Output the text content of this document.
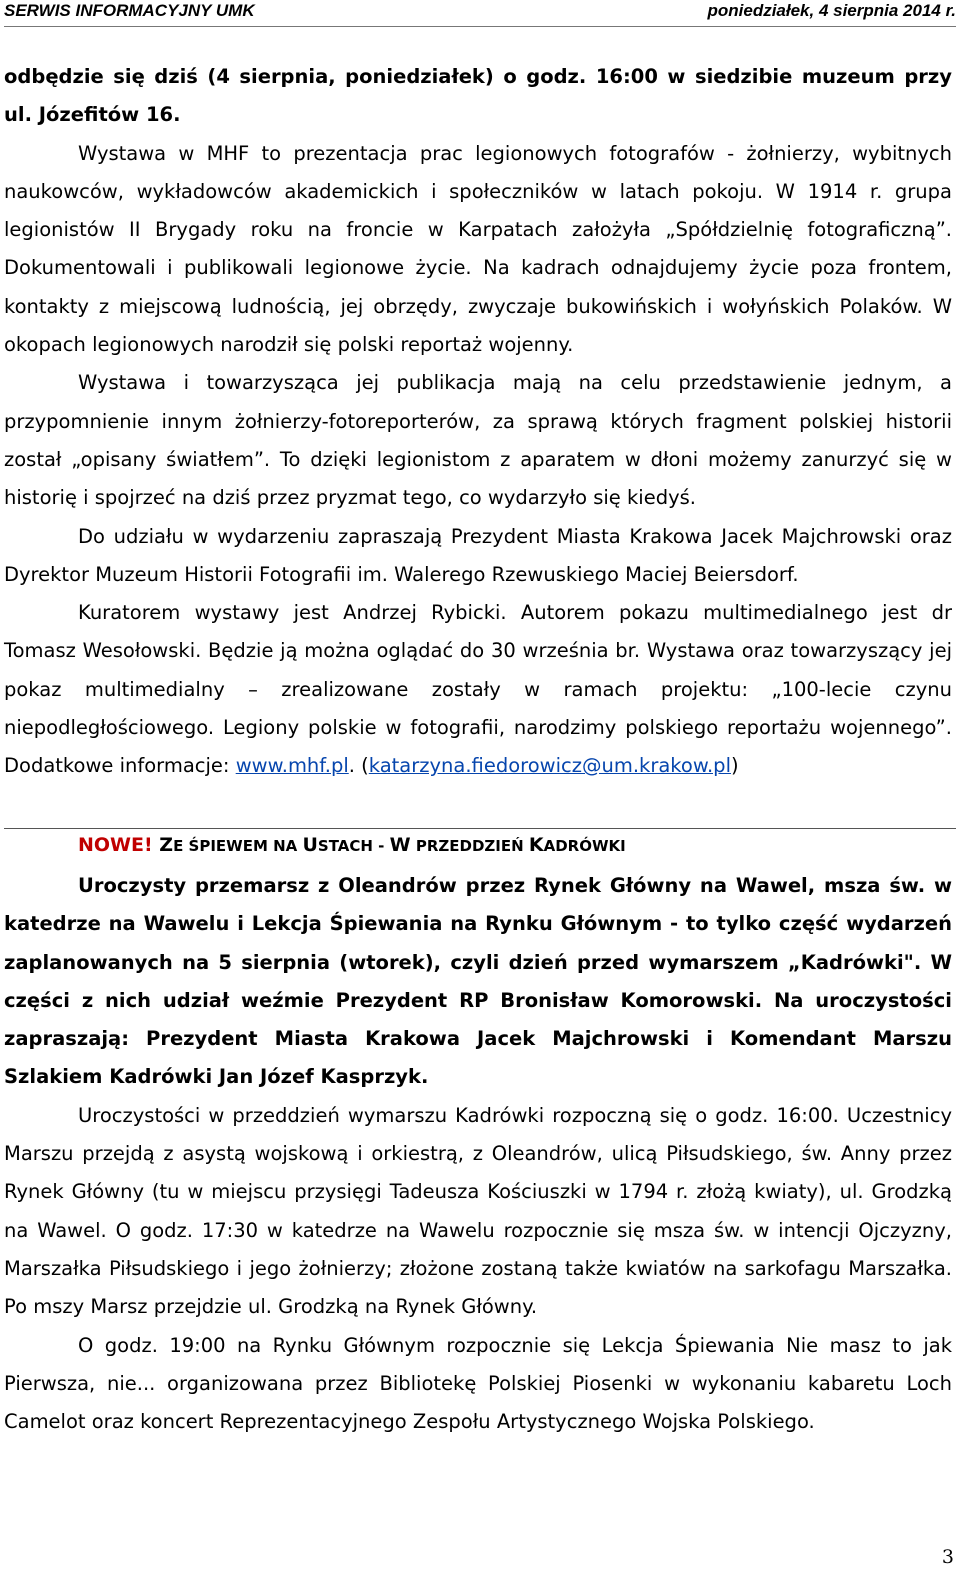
SERWIS INFORMACYJNY UMK	poniedziałek, 4 sierpnia 2014 r.

odbędzie się dziś (4 sierpnia, poniedziałek) o godz. 16:00 w siedzibie muzeum przy ul. Józefitów 16.

Wystawa w MHF to prezentacja prac legionowych fotografów - żołnierzy, wybitnych naukowców, wykładowców akademickich i społeczników w latach pokoju. W 1914 r. grupa legionistów II Brygady roku na froncie w Karpatach założyła „Spółdzielnię fotograficzną”. Dokumentowali i publikowali legionowe życie. Na kadrach odnajdujemy życie poza frontem, kontakty z miejscową ludnością, jej obrzędy, zwyczaje bukowińskich i wołyńskich Polaków. W okopach legionowych narodził się polski reportaż wojenny.

Wystawa i towarzysząca jej publikacja mają na celu przedstawienie jednym, a przypomnienie innym żołnierzy-fotoreporterów, za sprawą których fragment polskiej historii został „opisany światłem”. To dzięki legionistom z aparatem w dłoni możemy zanurzyć się w historię i spojrzeć na dziś przez pryzmat tego, co wydarzyło się kiedyś.

Do udziału w wydarzeniu zapraszają Prezydent Miasta Krakowa Jacek Majchrowski oraz Dyrektor Muzeum Historii Fotografii im. Walerego Rzewuskiego Maciej Beiersdorf.

Kuratorem wystawy jest Andrzej Rybicki. Autorem pokazu multimedialnego jest dr Tomasz Wesołowski. Będzie ją można oglądać do 30 września br. Wystawa oraz towarzyszący jej pokaz multimedialny – zrealizowane zostały w ramach projektu: „100-lecie czynu niepodległościowego. Legiony polskie w fotografii, narodzimy polskiego reportażu wojennego”. Dodatkowe informacje: www.mhf.pl. (katarzyna.fiedorowicz@um.krakow.pl)

NOWE! ZE ŚPIEWEM NA USTACH - W PRZEDDZIEŃ KADRÓWKI

Uroczysty przemarsz z Oleandrów przez Rynek Główny na Wawel, msza św. w katedrze na Wawelu i Lekcja Śpiewania na Rynku Głównym - to tylko część wydarzeń zaplanowanych na 5 sierpnia (wtorek), czyli dzień przed wymarszem „Kadrówki". W części z nich udział weźmie Prezydent RP Bronisław Komorowski. Na uroczystości zapraszają: Prezydent Miasta Krakowa Jacek Majchrowski i Komendant Marszu Szlakiem Kadrówki Jan Józef Kasprzyk.

Uroczystości w przeddzień wymarszu Kadrówki rozpoczną się o godz. 16:00. Uczestnicy Marszu przejdą z asystą wojskową i orkiestrą, z Oleandrów, ulicą Piłsudskiego, św. Anny przez Rynek Główny (tu w miejscu przysięgi Tadeusza Kościuszki w 1794 r. złożą kwiaty), ul. Grodzką na Wawel. O godz. 17:30 w katedrze na Wawelu rozpocznie się msza św. w intencji Ojczyzny, Marszałka Piłsudskiego i jego żołnierzy; złożone zostaną także kwiatów na sarkofagu Marszałka. Po mszy Marsz przejdzie ul. Grodzką na Rynek Główny.

O godz. 19:00 na Rynku Głównym rozpocznie się Lekcja Śpiewania Nie masz to jak Pierwsza, nie... organizowana przez Bibliotekę Polskiej Piosenki w wykonaniu kabaretu Loch Camelot oraz koncert Reprezentacyjnego Zespołu Artystycznego Wojska Polskiego.

3
